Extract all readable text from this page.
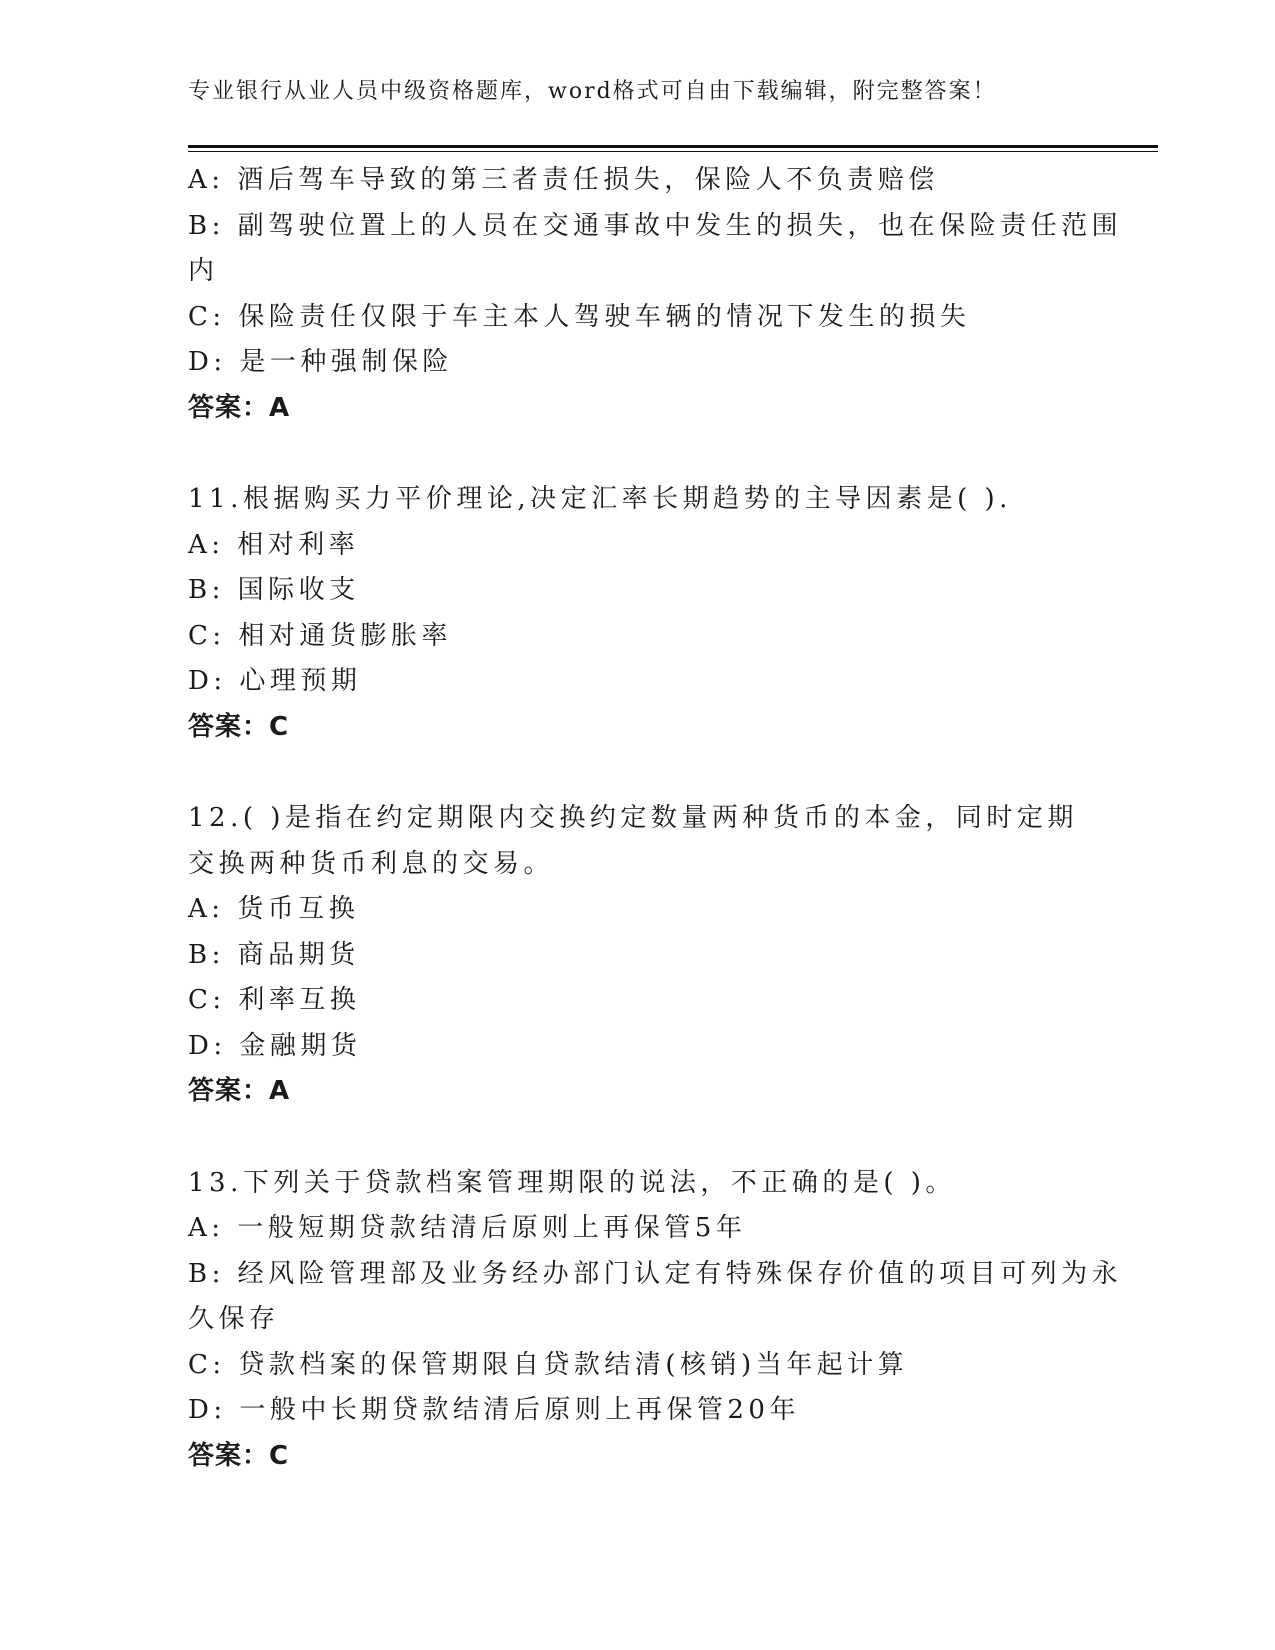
专业银行从业人员中级资格题库，word格式可自由下载编辑，附完整答案！
A: 酒后驾车导致的第三者责任损失，保险人不负责赔偿
B: 副驾驶位置上的人员在交通事故中发生的损失，也在保险责任范围
内
C: 保险责任仅限于车主本人驾驶车辆的情况下发生的损失
D: 是一种强制保险
答案：A
11.根据购买力平价理论,决定汇率长期趋势的主导因素是( ).
A: 相对利率
B: 国际收支
C: 相对通货膨胀率
D: 心理预期
答案：C
12.( )是指在约定期限内交换约定数量两种货币的本金，同时定期
交换两种货币利息的交易。
A: 货币互换
B: 商品期货
C: 利率互换
D: 金融期货
答案：A
13.下列关于贷款档案管理期限的说法，不正确的是( )。
A: 一般短期贷款结清后原则上再保管5年
B: 经风险管理部及业务经办部门认定有特殊保存价值的项目可列为永
久保存
C: 贷款档案的保管期限自贷款结清(核销)当年起计算
D: 一般中长期贷款结清后原则上再保管20年
答案：C
